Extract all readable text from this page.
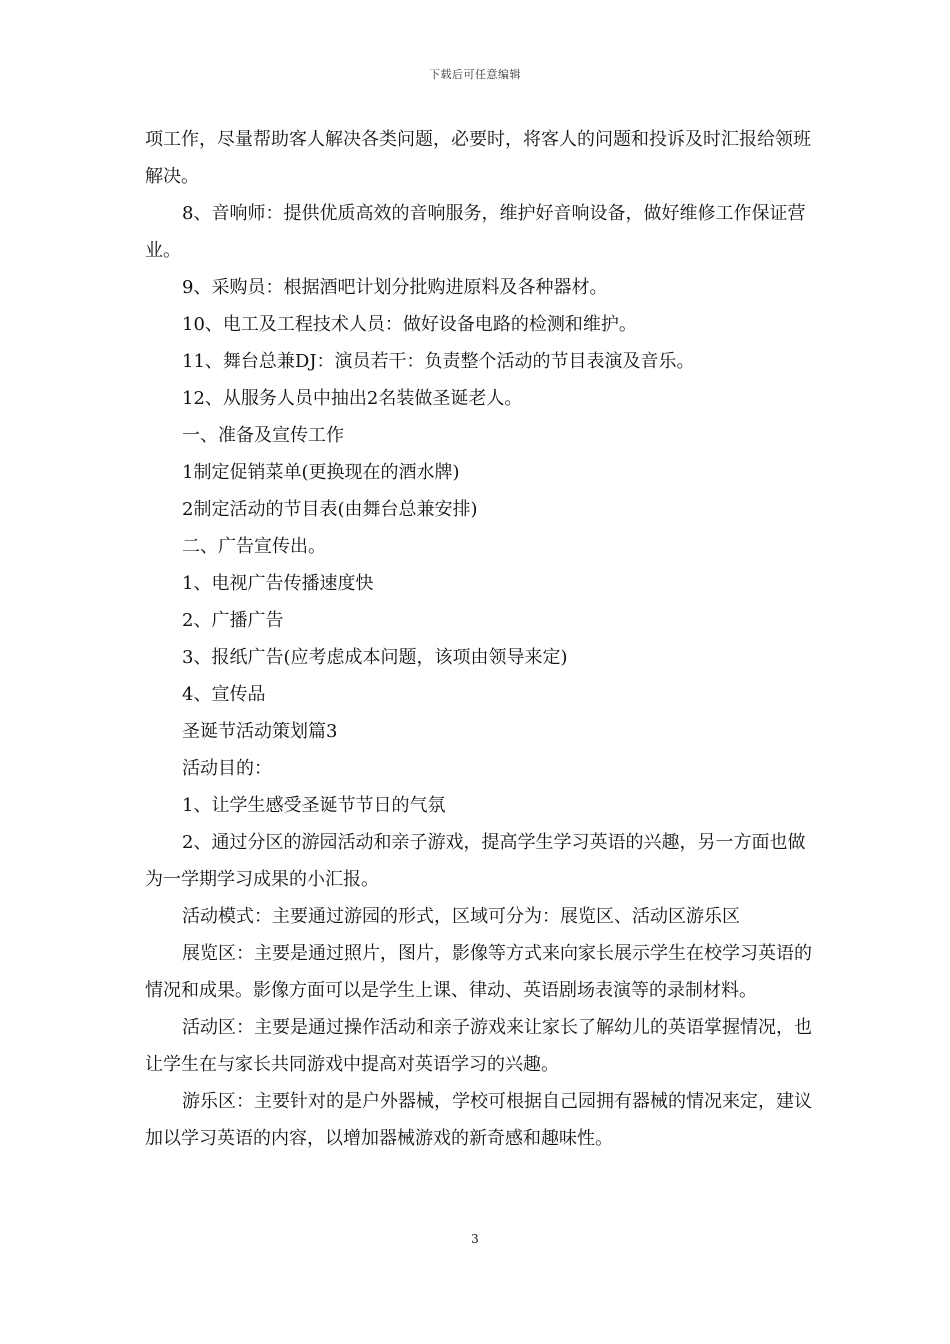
下载后可任意编辑

项工作，尽量帮助客人解决各类问题，必要时，将客人的问题和投诉及时汇报给领班解决。

8、音响师：提供优质高效的音响服务，维护好音响设备，做好维修工作保证营业。

9、采购员：根据酒吧计划分批购进原料及各种器材。

10、电工及工程技术人员：做好设备电路的检测和维护。

11、舞台总兼DJ：演员若干：负责整个活动的节目表演及音乐。

12、从服务人员中抽出2名装做圣诞老人。

一、准备及宣传工作

1制定促销菜单(更换现在的酒水牌)

2制定活动的节目表(由舞台总兼安排)

二、广告宣传出。

1、电视广告传播速度快

2、广播广告

3、报纸广告(应考虑成本问题，该项由领导来定)

4、宣传品

圣诞节活动策划篇3

活动目的：

1、让学生感受圣诞节节日的气氛

2、通过分区的游园活动和亲子游戏，提高学生学习英语的兴趣，另一方面也做为一学期学习成果的小汇报。

活动模式：主要通过游园的形式，区域可分为：展览区、活动区游乐区

展览区：主要是通过照片，图片，影像等方式来向家长展示学生在校学习英语的情况和成果。影像方面可以是学生上课、律动、英语剧场表演等的录制材料。

活动区：主要是通过操作活动和亲子游戏来让家长了解幼儿的英语掌握情况，也让学生在与家长共同游戏中提高对英语学习的兴趣。

游乐区：主要针对的是户外器械，学校可根据自己园拥有器械的情况来定，建议加以学习英语的内容，以增加器械游戏的新奇感和趣味性。

3
